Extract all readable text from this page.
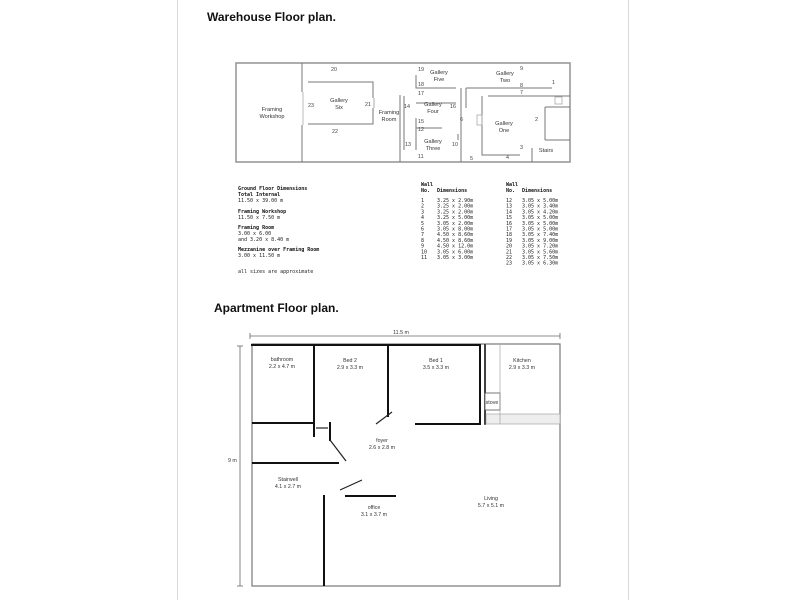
Warehouse Floor plan.
Apartment Floor plan.
Gallery
Five
Gallery
Two
Gallery
Six	Gallery
Four
Gallery
One
Gallery
Three
Framing
Workshop
Framing
Room
Stairs
1
2
3
4
5
6
7
8
9
10
11
12
13
14
15
16
17
18
19
20
21
22
23
Ground Floor Dimensions
Total Internal
11.50 x 39.00 m
Framing Workshop
11.50 x 7.50 m
Framing Room
3.00 x 6.00
and 3.20 x 8.40 m
Mezzanine over Framing Room
3.00 x 11.50 m
all sizes are approximate
Wall
No. Dimensions
Wall
No. Dimensions
1	3.25 x 2.90m
2	3.25 x 2.00m
3	3.25 x 2.00m
4	3.25 x 5.00m
5	3.05 x 2.00m
6	3.05 x 8.00m
7	4.50 x 8.60m
8	4.50 x 8.60m
9	4.50 x 12.0m
10 3.05 x 6.00m
11 3.05 x 3.00m
12 3.05 x 5.00m
13 3.05 x 3.40m
14 3.05 x 4.20m
15 3.05 x 5.00m
16 3.05 x 5.00m
17 3.05 x 5.00m
18 3.05 x 7.40m
19 3.05 x 9.00m
20 3.05 x 7.20m
21 3.05 x 5.60m
22 3.05 x 7.50m
23 3.05 x 6.30m
11.5 m
9 m
bathroom
2.2 x 4.7 m
Bed 2
2.9 x 3.3 m
Bed 1
3.5 x 3.3 m
Kitchen
2.9 x 3.3 m
stove
foyer
2.6 x 2.8 m
Stairwell
4.1 x 2.7 m
office
3.1 x 3.7 m
Living
5.7 x 5.1 m
